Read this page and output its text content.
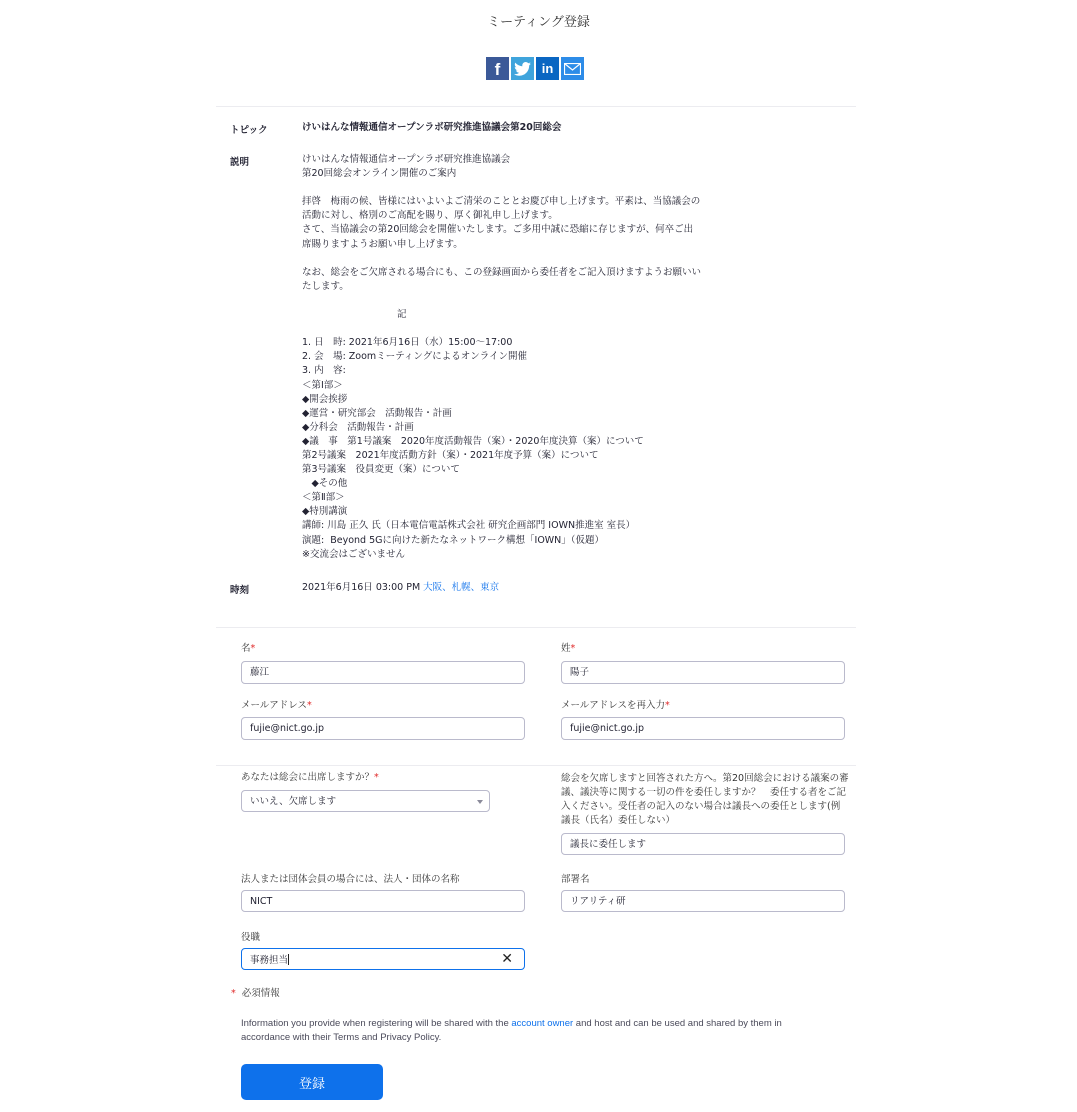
ミーティング登録
f	in
トピック	けいはんな情報通信オープンラボ研究推進協議会第20回総会
説明	けいはんな情報通信オープンラボ研究推進協議会
第20回総会オンライン開催のご案内

拝啓　梅雨の候、皆様にはいよいよご清栄のこととお慶び申し上げます。平素は、当協議会の
活動に対し、格別のご高配を賜り、厚く御礼申し上げます。
さて、当協議会の第20回総会を開催いたします。ご多用中誠に恐縮に存じますが、何卒ご出
席賜りますようお願い申し上げます。

なお、総会をご欠席される場合にも、この登録画面から委任者をご記入頂けますようお願いい
たします。

　　　　　　　　　　記

1. 日　時: 2021年6月16日（水）15:00～17:00
2. 会　場: Zoomミーティングによるオンライン開催
3. 内　容:
＜第Ⅰ部＞
◆開会挨拶
◆運営・研究部会　活動報告・計画
◆分科会　活動報告・計画
◆議　事　第1号議案　2020年度活動報告（案）・2020年度決算（案）について
第2号議案　2021年度活動方針（案）・2021年度予算（案）について
第3号議案　役員変更（案）について
　◆その他
＜第Ⅱ部＞
◆特別講演
講師: 川島 正久 氏（日本電信電話株式会社 研究企画部門 IOWN推進室 室長）
演題:  Beyond 5Gに向けた新たなネットワーク構想「IOWN」（仮題）
※交流会はございません
時刻	2021年6月16日 03:00 PM 大阪、札幌、東京
名*
藤江
姓*
陽子
メールアドレス*
fujie@nict.go.jp
メールアドレスを再入力*
fujie@nict.go.jp
あなたは総会に出席しますか？*
いいえ、欠席します
総会を欠席しますと回答された方へ。第20回総会における議案の審
議、議決等に関する一切の件を委任しますか？　委任する者をご記
入ください。受任者の記入のない場合は議長への委任とします(例
議長（氏名）委任しない）
議長に委任します
法人または団体会員の場合には、法人・団体の名称
NICT
部署名
リアリティ研
役職
事務担当	✕
* 必須情報
Information you provide when registering will be shared with the account owner and host and can be used and shared by them in accordance with their Terms and Privacy Policy.
登録
